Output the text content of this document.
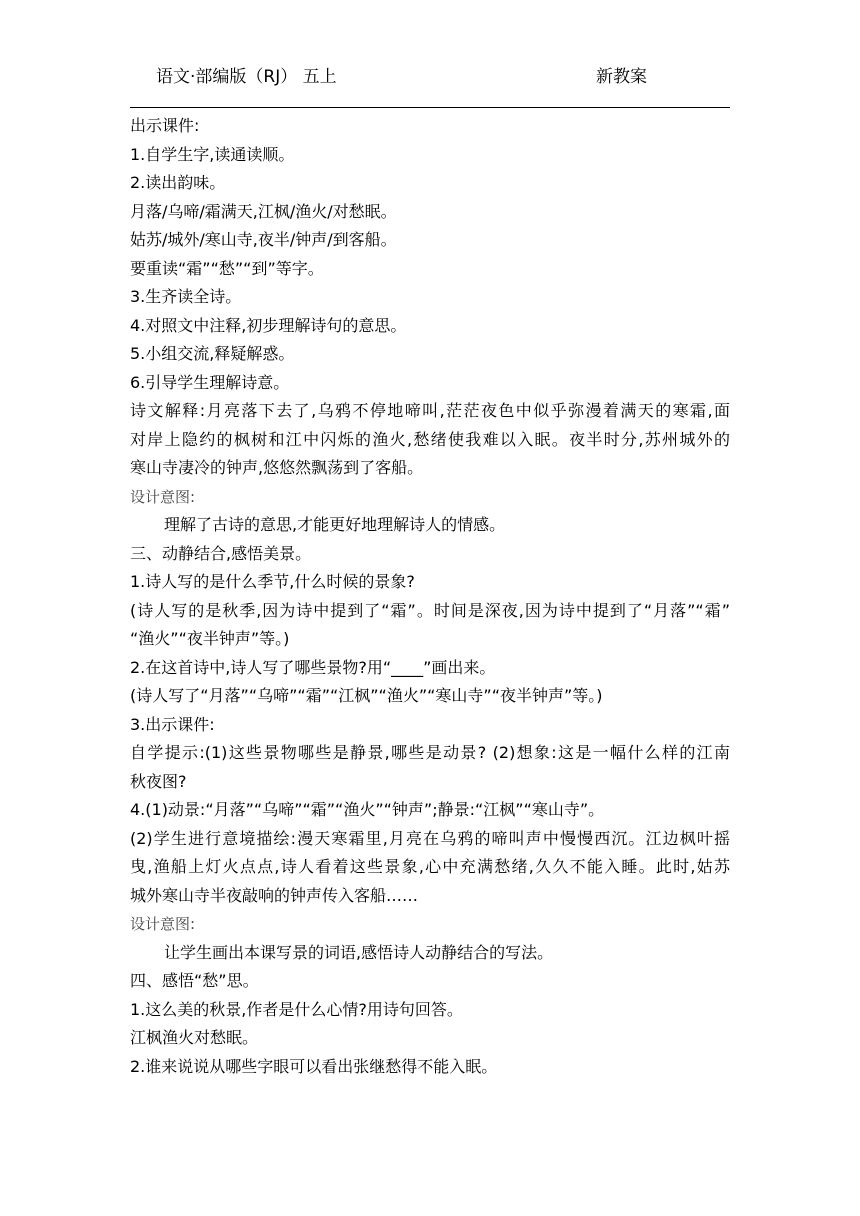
语文·部编版（RJ） 五上	新教案
出示课件:
1.自学生字,读通读顺。
2.读出韵味。
月落/乌啼/霜满天,江枫/渔火/对愁眠。
姑苏/城外/寒山寺,夜半/钟声/到客船。
要重读“霜”“愁”“到”等字。
3.生齐读全诗。
4.对照文中注释,初步理解诗句的意思。
5.小组交流,释疑解惑。
6.引导学生理解诗意。
诗文解释:月亮落下去了,乌鸦不停地啼叫,茫茫夜色中似乎弥漫着满天的寒霜,面
对岸上隐约的枫树和江中闪烁的渔火,愁绪使我难以入眠。夜半时分,苏州城外的
寒山寺凄冷的钟声,悠悠然飘荡到了客船。
设计意图:
理解了古诗的意思,才能更好地理解诗人的情感。
三、动静结合,感悟美景。
1.诗人写的是什么季节,什么时候的景象?
(诗人写的是秋季,因为诗中提到了“霜”。时间是深夜,因为诗中提到了“月落”“霜”
“渔火”“夜半钟声”等。)
2.在这首诗中,诗人写了哪些景物?用“____”画出来。
(诗人写了“月落”“乌啼”“霜”“江枫”“渔火”“寒山寺”“夜半钟声”等。)
3.出示课件:
自学提示:(1)这些景物哪些是静景,哪些是动景? (2)想象:这是一幅什么样的江南
秋夜图?
4.(1)动景:“月落”“乌啼”“霜”“渔火”“钟声”;静景:“江枫”“寒山寺”。
(2)学生进行意境描绘:漫天寒霜里,月亮在乌鸦的啼叫声中慢慢西沉。江边枫叶摇
曳,渔船上灯火点点,诗人看着这些景象,心中充满愁绪,久久不能入睡。此时,姑苏
城外寒山寺半夜敲响的钟声传入客船……
设计意图:
让学生画出本课写景的词语,感悟诗人动静结合的写法。
四、感悟“愁”思。
1.这么美的秋景,作者是什么心情?用诗句回答。
江枫渔火对愁眠。
2.谁来说说从哪些字眼可以看出张继愁得不能入眠。
